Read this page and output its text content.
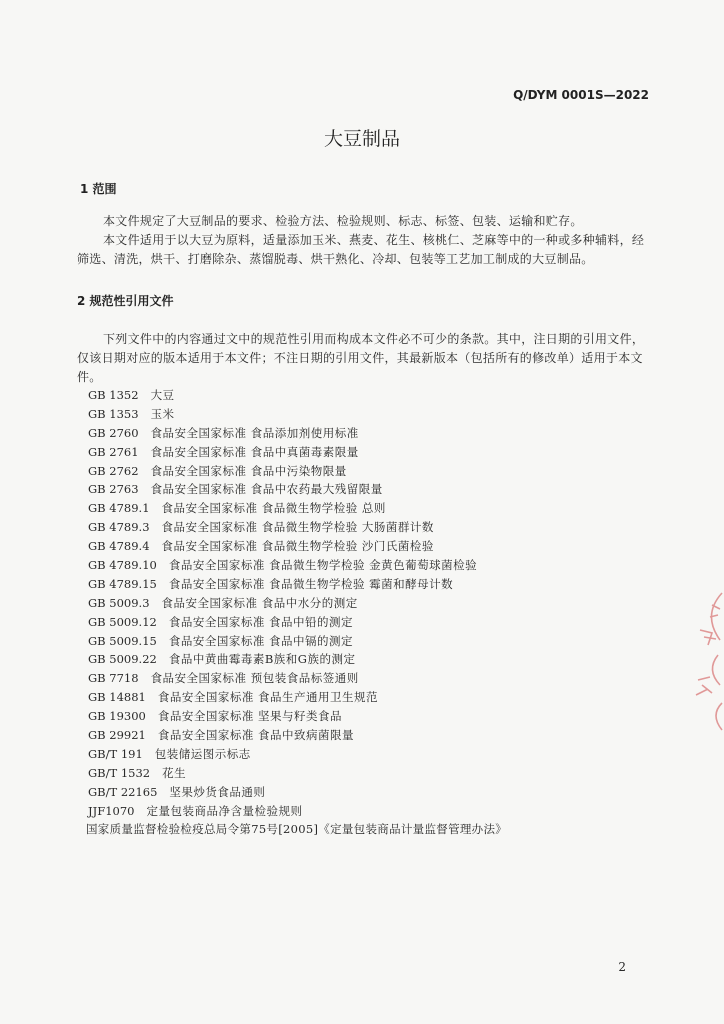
Q/DYM 0001S—2022
大豆制品
1 范围

本文件规定了大豆制品的要求、检验方法、检验规则、标志、标签、包装、运输和贮存。

本文件适用于以大豆为原料，适量添加玉米、燕麦、花生、核桃仁、芝麻等中的一种或多种辅料，经筛选、清洗，烘干、打磨除杂、蒸馏脱毒、烘干熟化、冷却、包装等工艺加工制成的大豆制品。

2 规范性引用文件

下列文件中的内容通过文中的规范性引用而构成本文件必不可少的条款。其中，注日期的引用文件，仅该日期对应的版本适用于本文件；不注日期的引用文件，其最新版本（包括所有的修改单）适用于本文件。

GB 1352 大豆
GB 1353 玉米
GB 2760 食品安全国家标准 食品添加剂使用标准
GB 2761 食品安全国家标准 食品中真菌毒素限量
GB 2762 食品安全国家标准 食品中污染物限量
GB 2763 食品安全国家标准 食品中农药最大残留限量
GB 4789.1 食品安全国家标准 食品微生物学检验 总则
GB 4789.3 食品安全国家标准 食品微生物学检验 大肠菌群计数
GB 4789.4 食品安全国家标准 食品微生物学检验 沙门氏菌检验
GB 4789.10 食品安全国家标准 食品微生物学检验 金黄色葡萄球菌检验
GB 4789.15 食品安全国家标准 食品微生物学检验 霉菌和酵母计数
GB 5009.3 食品安全国家标准 食品中水分的测定
GB 5009.12 食品安全国家标准 食品中铅的测定
GB 5009.15 食品安全国家标准 食品中镉的测定
GB 5009.22 食品中黄曲霉毒素B族和G族的测定
GB 7718 食品安全国家标准 预包装食品标签通则
GB 14881 食品安全国家标准 食品生产通用卫生规范
GB 19300 食品安全国家标准 坚果与籽类食品
GB 29921 食品安全国家标准 食品中致病菌限量
GB/T 191 包装储运图示标志
GB/T 1532 花生
GB/T 22165 坚果炒货食品通则
JJF1070 定量包装商品净含量检验规则
国家质量监督检验检疫总局令第75号[2005]《定量包装商品计量监督管理办法》
2
